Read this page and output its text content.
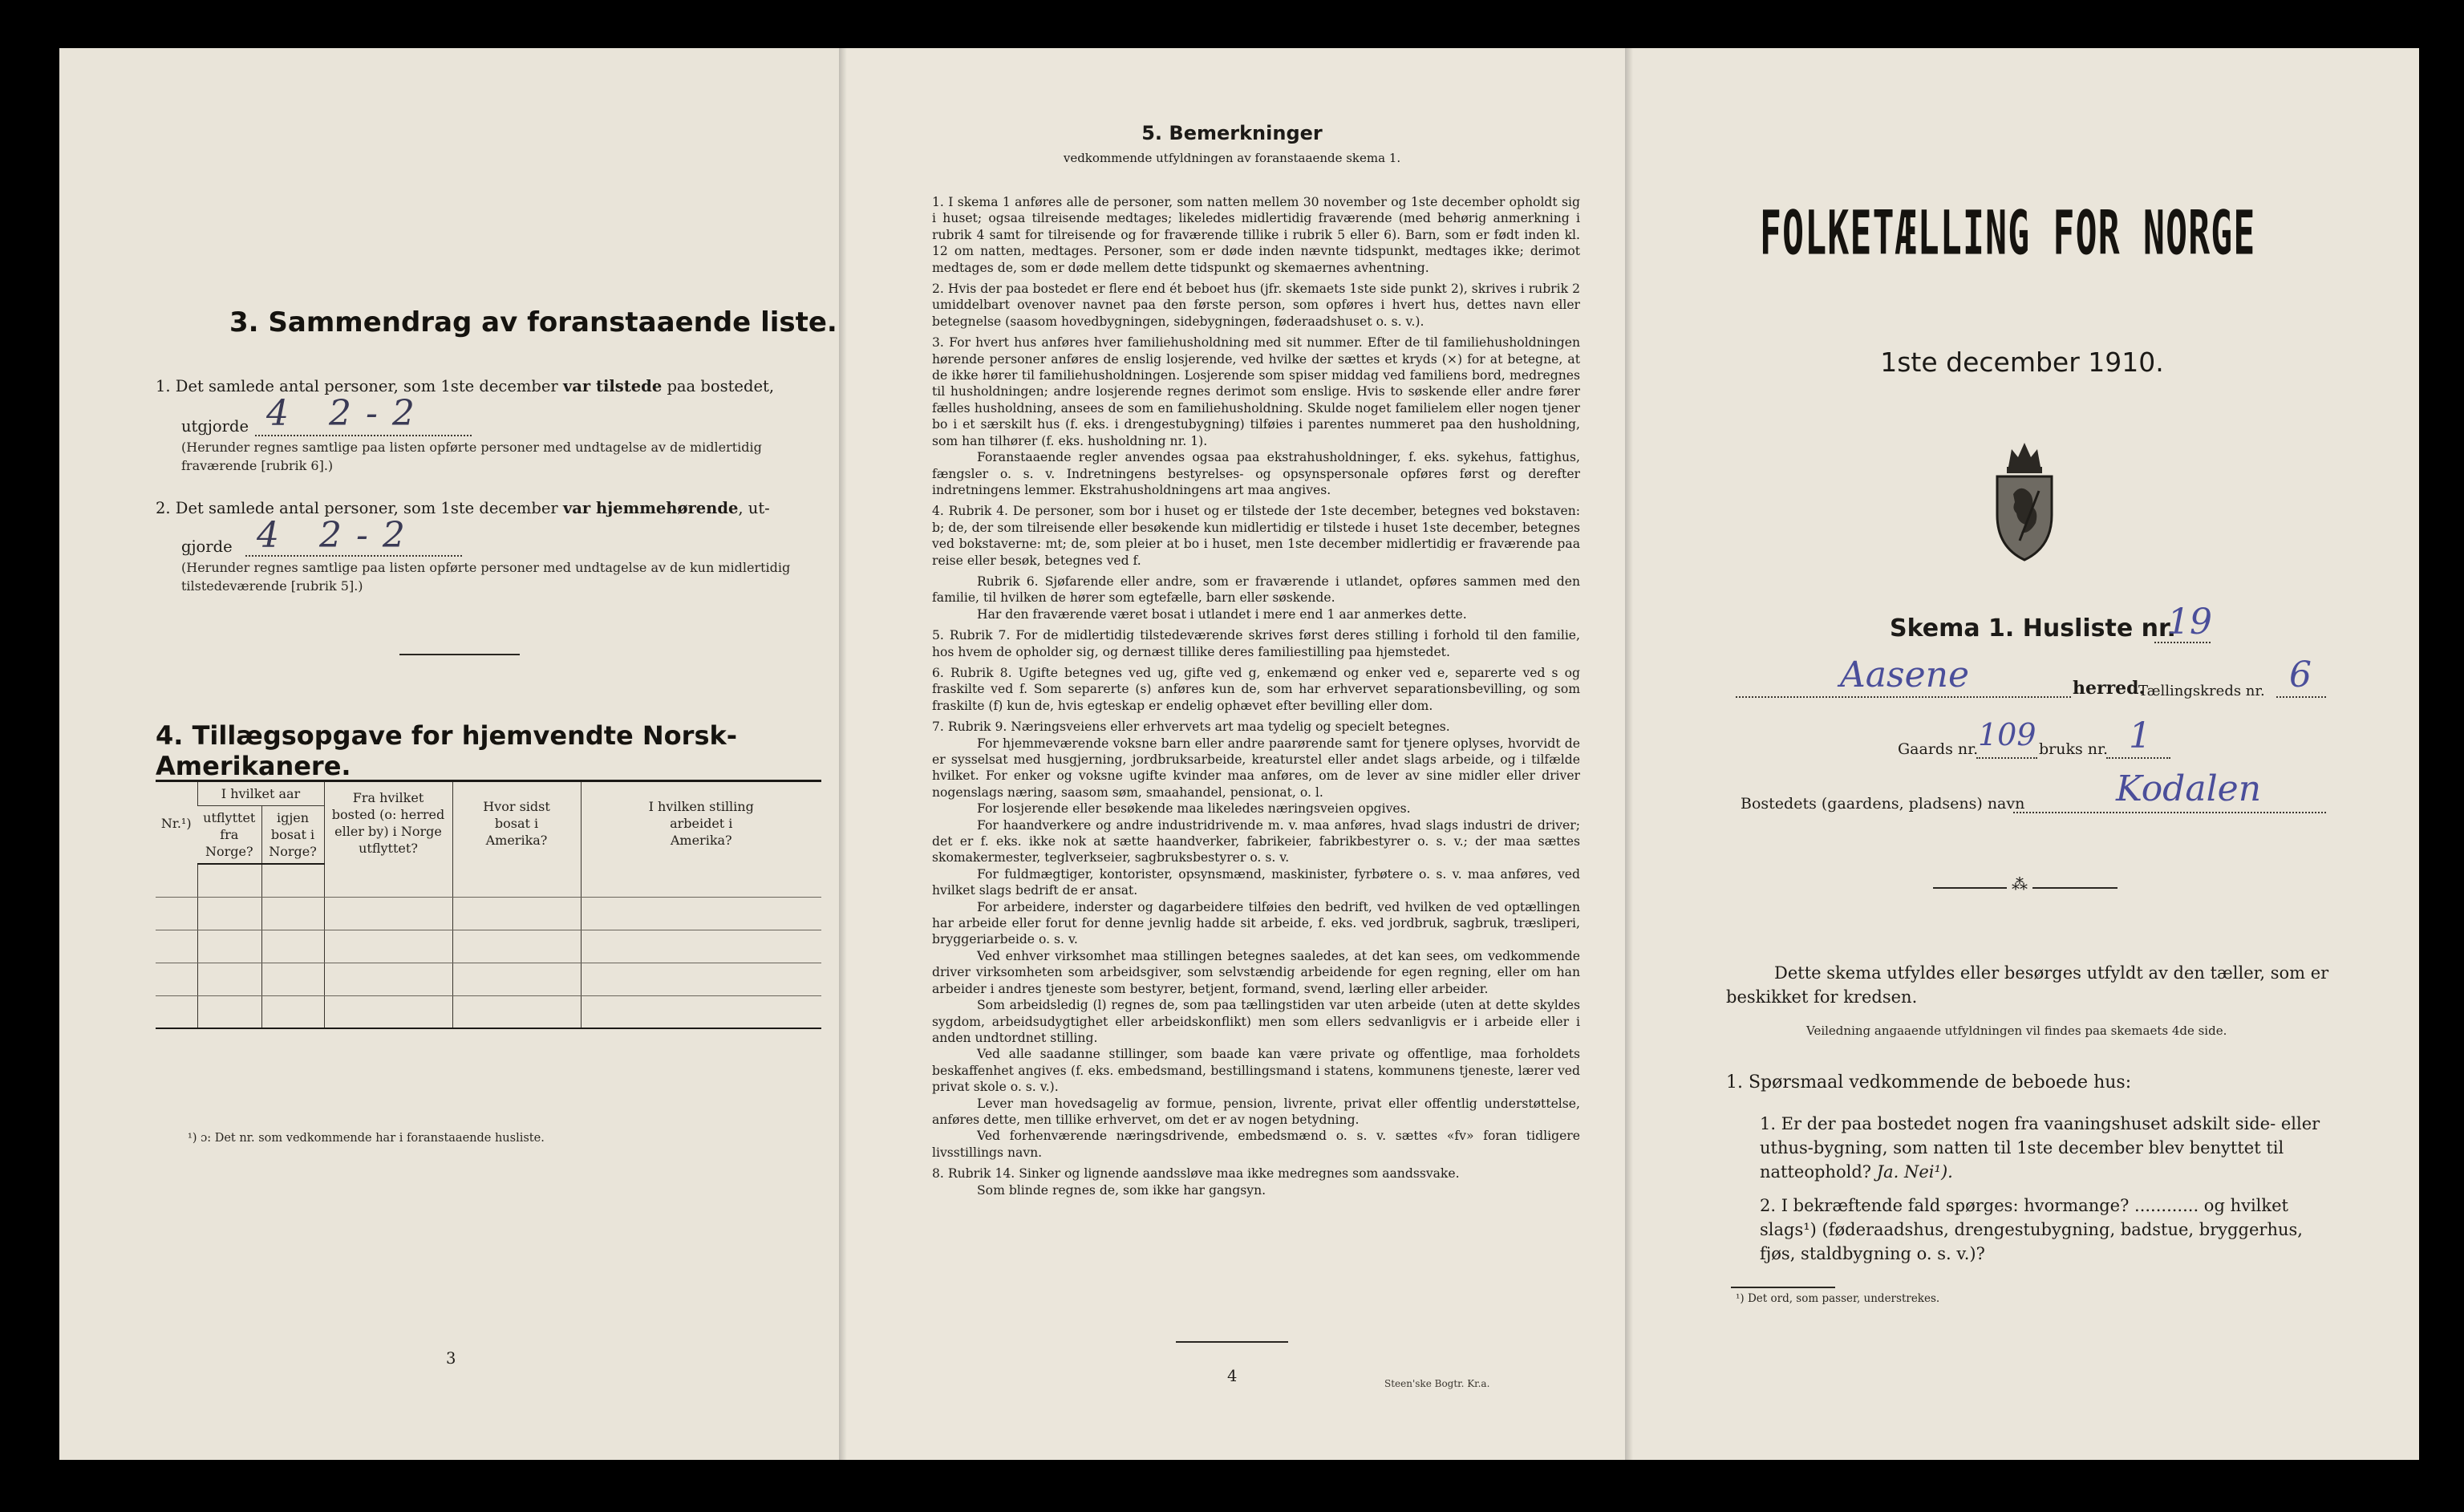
3. Sammendrag av foranstaaende liste.
1. Det samlede antal personer, som 1ste december var tilstede paa bostedet,
utgjorde 4 2-2
(Herunder regnes samtlige paa listen opførte personer med undtagelse av de midlertidig fraværende [rubrik 6].)
2. Det samlede antal personer, som 1ste december var hjemmehørende, ut-
gjorde 4 2-2
(Herunder regnes samtlige paa listen opførte personer med undtagelse av de kun midlertidig tilstedeværende [rubrik 5].)
4. Tillægsopgave for hjemvendte Norsk-Amerikanere.
Nr.¹)	I hvilket aar		Fra hvilket bosted (o: herred eller by) i Norge utflyttet?	Hvor sidst bosat i Amerika?	I hvilken stilling arbeidet i Amerika?
	utflyttet fra Norge?	igjen bosat i Norge?			

¹) ɔ: Det nr. som vedkommende har i foranstaaende husliste.
3
5. Bemerkninger
vedkommende utfyldningen av foranstaaende skema 1.

1. I skema 1 anføres alle de personer, som natten mellem 30 november og 1ste december opholdt sig i huset; ogsaa tilreisende medtages; likeledes midlertidig fraværende (med behørig anmerkning i rubrik 4 samt for tilreisende og for fraværende tillike i rubrik 5 eller 6). Barn, som er født inden kl. 12 om natten, medtages. Personer, som er døde inden nævnte tidspunkt, medtages ikke; derimot medtages de, som er døde mellem dette tidspunkt og skemaernes avhentning.

2. Hvis der paa bostedet er flere end ét beboet hus (jfr. skemaets 1ste side punkt 2), skrives i rubrik 2 umiddelbart ovenover navnet paa den første person, som opføres i hvert hus, dettes navn eller betegnelse (saasom hovedbygningen, sidebygningen, føderaadshuset o. s. v.).

3. For hvert hus anføres hver familiehusholdning med sit nummer. Efter de til familiehusholdningen hørende personer anføres de enslig losjerende, ved hvilke der sættes et kryds (×) for at betegne, at de ikke hører til familiehusholdningen. Losjerende som spiser middag ved familiens bord, medregnes til husholdningen; andre losjerende regnes derimot som enslige. Hvis to søskende eller andre fører fælles husholdning, ansees de som en familiehusholdning. Skulde noget familielem eller nogen tjener bo i et særskilt hus (f. eks. i drengestubygning) tilføies i parentes nummeret paa den husholdning, som han tilhører (f. eks. husholdning nr. 1).

Foranstaaende regler anvendes ogsaa paa ekstrahusholdninger, f. eks. sykehus, fattighus, fængsler o. s. v. Indretningens bestyrelses- og opsynspersonale opføres først og derefter indretningens lemmer. Ekstrahusholdningens art maa angives.

4. Rubrik 4. De personer, som bor i huset og er tilstede der 1ste december, betegnes ved bokstaven: b; de, der som tilreisende eller besøkende kun midlertidig er tilstede i huset 1ste december, betegnes ved bokstaverne: mt; de, som pleier at bo i huset, men 1ste december midlertidig er fraværende paa reise eller besøk, betegnes ved f.

Rubrik 6. Sjøfarende eller andre, som er fraværende i utlandet, opføres sammen med den familie, til hvilken de hører som egtefælle, barn eller søskende.

Har den fraværende været bosat i utlandet i mere end 1 aar anmerkes dette.

5. Rubrik 7. For de midlertidig tilstedeværende skrives først deres stilling i forhold til den familie, hos hvem de opholder sig, og dernæst tillike deres familiestilling paa hjemstedet.

6. Rubrik 8. Ugifte betegnes ved ug, gifte ved g, enkemænd og enker ved e, separerte ved s og fraskilte ved f. Som separerte (s) anføres kun de, som har erhvervet separationsbevilling, og som fraskilte (f) kun de, hvis egteskap er endelig ophævet efter bevilling eller dom.

7. Rubrik 9. Næringsveiens eller erhvervets art maa tydelig og specielt betegnes.

For hjemmeværende voksne barn eller andre paarørende samt for tjenere oplyses, hvorvidt de er sysselsat med husgjerning, jordbruksarbeide, kreaturstel eller andet slags arbeide, og i tilfælde hvilket. For enker og voksne ugifte kvinder maa anføres, om de lever av sine midler eller driver nogenslags næring, saasom søm, smaahandel, pensionat, o. l.

For losjerende eller besøkende maa likeledes næringsveien opgives.

For haandverkere og andre industridrivende m. v. maa anføres, hvad slags industri de driver; det er f. eks. ikke nok at sætte haandverker, fabrikeier, fabrikbestyrer o. s. v.; der maa sættes skomakermester, teglverkseier, sagbruksbestyrer o. s. v.

For fuldmægtiger, kontorister, opsynsmænd, maskinister, fyrbøtere o. s. v. maa anføres, ved hvilket slags bedrift de er ansat.

For arbeidere, inderster og dagarbeidere tilføies den bedrift, ved hvilken de ved optællingen har arbeide eller forut for denne jevnlig hadde sit arbeide, f. eks. ved jordbruk, sagbruk, træsliperi, bryggeriarbeide o. s. v.

Ved enhver virksomhet maa stillingen betegnes saaledes, at det kan sees, om vedkommende driver virksomheten som arbeidsgiver, som selvstændig arbeidende for egen regning, eller om han arbeider i andres tjeneste som bestyrer, betjent, formand, svend, lærling eller arbeider.

Som arbeidsledig (l) regnes de, som paa tællingstiden var uten arbeide (uten at dette skyldes sygdom, arbeidsudygtighet eller arbeidskonflikt) men som ellers sedvanligvis er i arbeide eller i anden undtordnet stilling.

Ved alle saadanne stillinger, som baade kan være private og offentlige, maa forholdets beskaffenhet angives (f. eks. embedsmand, bestillingsmand i statens, kommunens tjeneste, lærer ved privat skole o. s. v.).

Lever man hovedsagelig av formue, pension, livrente, privat eller offentlig understøttelse, anføres dette, men tillike erhvervet, om det er av nogen betydning.

Ved forhenværende næringsdrivende, embedsmænd o. s. v. sættes «fv» foran tidligere livsstillings navn.

8. Rubrik 14. Sinker og lignende aandssløve maa ikke medregnes som aandssvake.

Som blinde regnes de, som ikke har gangsyn.

4	Steen'ske Bogtr. Kr.a.
FOLKETÆLLING FOR NORGE
1ste december 1910.
Skema 1. Husliste nr.
19
Aasene	herred.
Tællingskreds nr. 6
Gaards nr. 109 bruks nr. 1
Bostedets (gaardens, pladsens) navn	Kodalen
⁂
Dette skema utfyldes eller besørges utfyldt av den tæller, som er beskikket for kredsen.
Veiledning angaaende utfyldningen vil findes paa skemaets 4de side.
1. Spørsmaal vedkommende de beboede hus:
1. Er der paa bostedet nogen fra vaaningshuset adskilt side- eller uthus-bygning, som natten til 1ste december blev benyttet til natteophold? Ja. Nei¹).
2. I bekræftende fald spørges: hvormange? ............ og hvilket slags¹) (føderaadshus, drengestubygning, badstue, bryggerhus, fjøs, staldbygning o. s. v.)?
¹) Det ord, som passer, understrekes.
